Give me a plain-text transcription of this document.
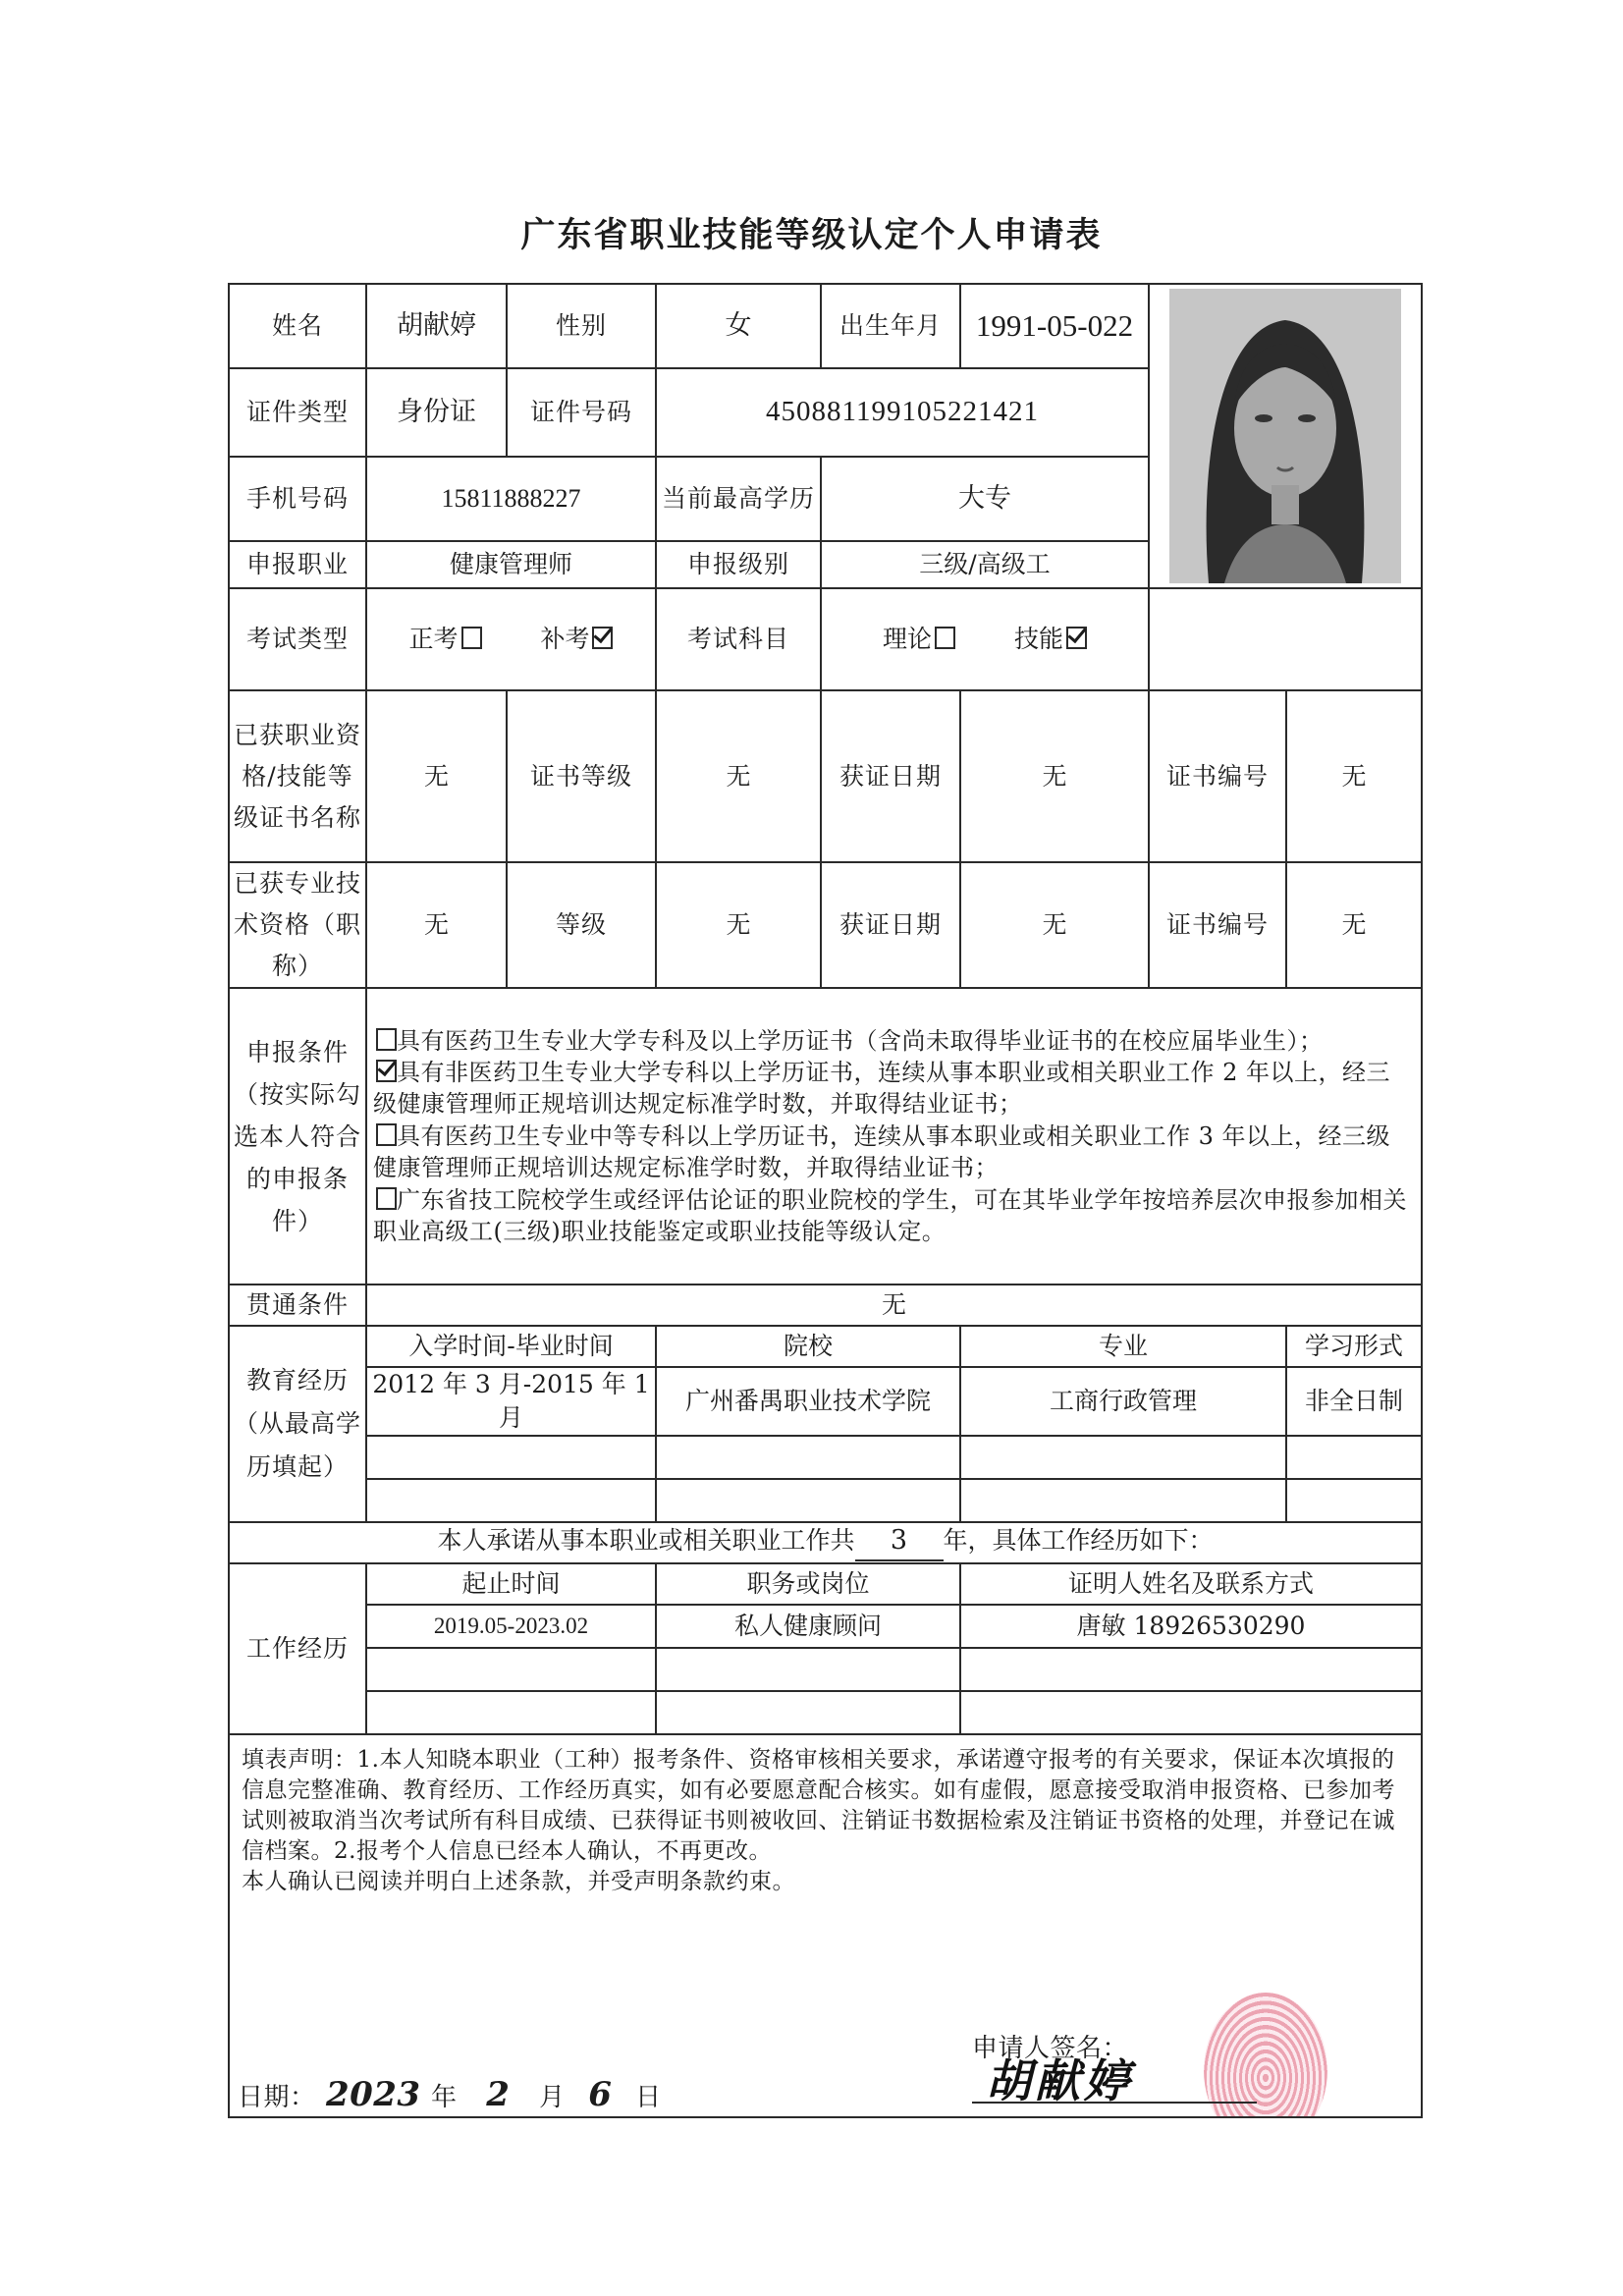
广东省职业技能等级认定个人申请表
姓名	胡献婷	性别	女	出生年月	1991-05-022	

证件类型	身份证	证件号码	450881199105221421				
手机号码	15811888227		当前最高学历	大专			
申报职业	健康管理师		申报级别	三级/高级工			
考试类型	正考 补考		考试科目	理论 技能			
已获职业资格/技能等级证书名称	无	证书等级	无	获证日期	无	证书编号	无
已获专业技术资格（职称）	无	等级	无	获证日期	无	证书编号	无
申报条件（按实际勾选本人符合的申报条件）	具有医药卫生专业大学专科及以上学历证书（含尚未取得毕业证书的在校应届毕业生）；

具有非医药卫生专业大学专科以上学历证书，连续从事本职业或相关职业工作 2 年以上，经三级健康管理师正规培训达规定标准学时数，并取得结业证书；

具有医药卫生专业中等专科以上学历证书，连续从事本职业或相关职业工作 3 年以上，经三级健康管理师正规培训达规定标准学时数，并取得结业证书；

广东省技工院校学生或经评估论证的职业院校的学生，可在其毕业学年按培养层次申报参加相关职业高级工(三级)职业技能鉴定或职业技能等级认定。						

贯通条件	无						
教育经历（从最高学历填起）	入学时间-毕业时间		院校		专业		学习形式
	2012 年 3 月-2015 年 1 月		广州番禺职业技术学院		工商行政管理		非全日制

本人承诺从事本职业或相关职业工作共 3 年，具体工作经历如下：							
工作经历	起止时间		职务或岗位		证明人姓名及联系方式		
	2019.05-2023.02		私人健康顾问		唐敏 18926530290		

填表声明：1.本人知晓本职业（工种）报考条件、资格审核相关要求，承诺遵守报考的有关要求，保证本次填报的信息完整准确、教育经历、工作经历真实，如有必要愿意配合核实。如有虚假，愿意接受取消申报资格、已参加考试则被取消当次考试所有科目成绩、已获得证书则被收回、注销证书数据检索及注销证书资格的处理，并登记在诚信档案。2.报考个人信息已经本人确认，不再更改。

本人确认已阅读并明白上述条款，并受声明条款约束。

申请人签名：
胡献婷
日期： 2023 年 2 月 6 日							
